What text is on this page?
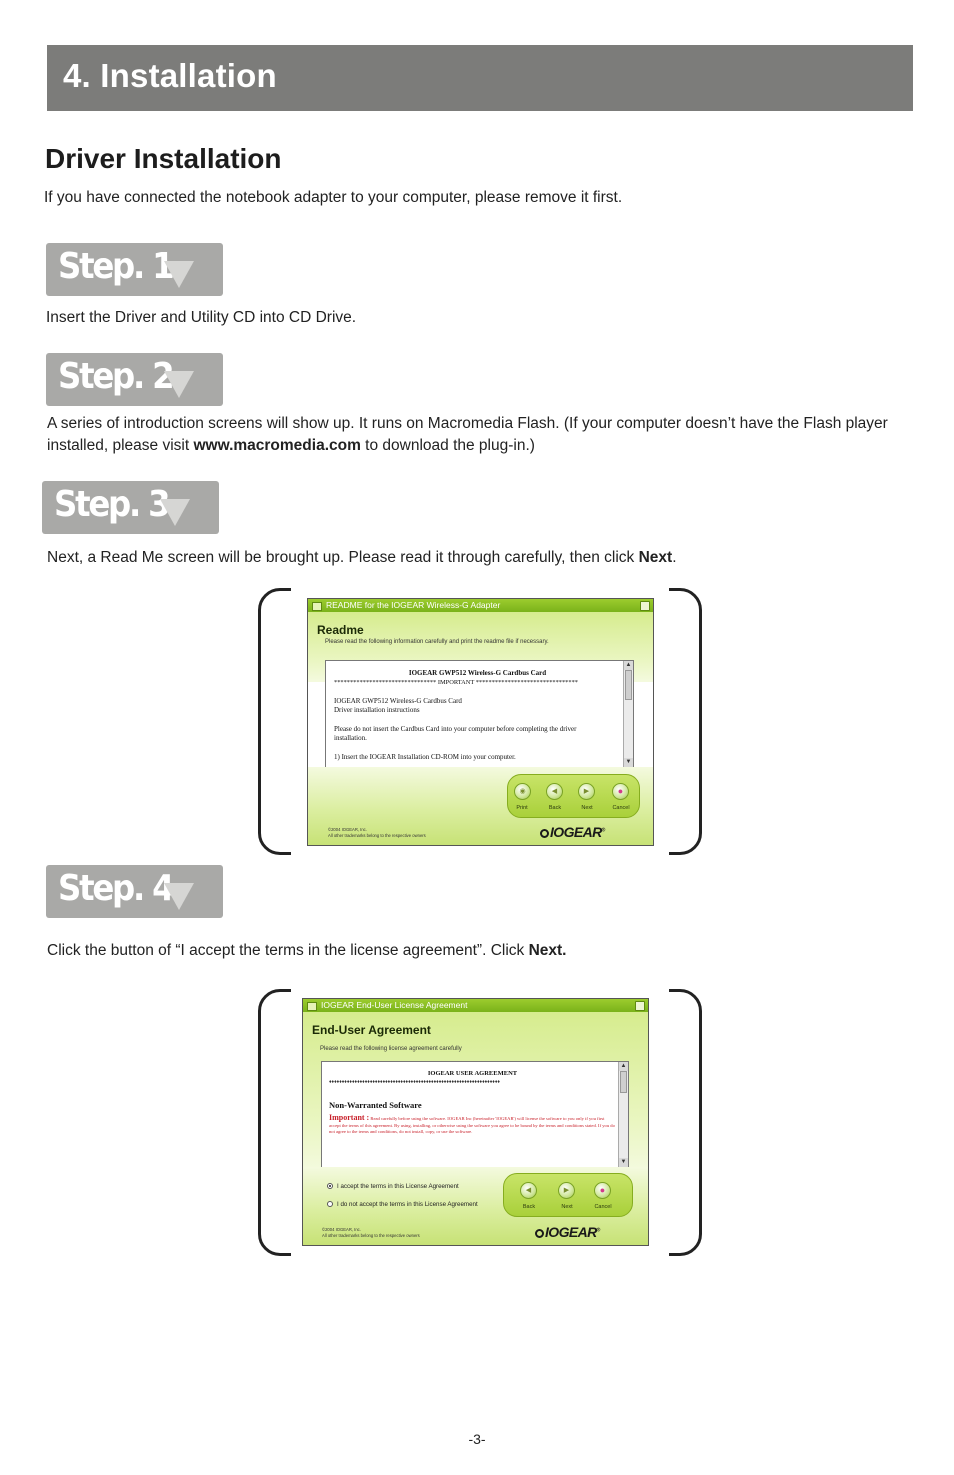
4. Installation
Driver Installation

If you have connected the notebook adapter to your computer, please remove it first.

Step. 1

Insert the Driver and Utility CD into CD Drive.

Step. 2

A series of introduction screens will show up. It runs on Macromedia Flash. (If your computer doesn’t have the Flash player installed, please visit www.macromedia.com to download the plug-in.)

Step. 3

Next, a Read Me screen will be brought up. Please read it through carefully, then click Next.

README for the IOGEAR Wireless-G Adapter
Readme
Please read the following information carefully and print the readme file if necessary.
IOGEAR GWP512 Wireless-G Cardbus Card
******************************** IMPORTANT ********************************
IOGEAR GWP512 Wireless-G Cardbus Card
Driver installation instructions
Please do not insert the Cardbus Card into your computer before completing the driver
installation.
1) Insert the IOGEAR Installation CD-ROM into your computer.
▲
▼
◉	◀	▶	●
Print	Back	Next	Cancel
©2004 IOGEAR, Inc.
All other trademarks belong to the respective owners	IOGEAR®
Step. 4

Click the button of “I accept the terms in the license agreement”. Click Next.

IOGEAR End-User License Agreement
End-User Agreement
Please read the following license agreement carefully
IOGEAR USER AGREEMENT
♦♦♦♦♦♦♦♦♦♦♦♦♦♦♦♦♦♦♦♦♦♦♦♦♦♦♦♦♦♦♦♦♦♦♦♦♦♦♦♦♦♦♦♦♦♦♦♦♦♦♦♦♦♦♦♦♦♦♦♦♦♦♦♦♦♦♦
Non-Warranted Software
Important : Read carefully before using the software. IOGEAR Inc (hereinafter 'IOGEAR') will license the software to you only if you first accept the terms of this agreement. By using, installing, or otherwise using the software you agree to be bound by the terms and conditions stated. If you do not agree to the terms and conditions, do not install, copy, or use the software.
▲
▼
I accept the terms in this License Agreement
I do not accept the terms in this License Agreement
◀	▶	●
Back	Next	Cancel
©2004 IOGEAR, Inc.
All other trademarks belong to the respective owners	IOGEAR®
-3-
